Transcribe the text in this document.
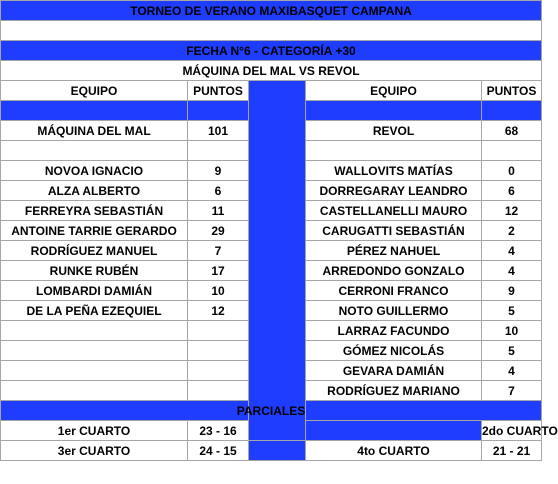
TORNEO DE VERANO MAXIBASQUET CAMPANA					

FECHA N°6 - CATEGORÍA +30					
MÁQUINA DEL MAL VS REVOL					
EQUIPO	PUNTOS		EQUIPO	PUNTOS	

MÁQUINA DEL MAL	101		REVOL	68	

NOVOA IGNACIO	9		WALLOVITS MATÍAS	0	
ALZA ALBERTO	6		DORREGARAY LEANDRO	6	
FERREYRA SEBASTIÁN	11		CASTELLANELLI MAURO	12	
ANTOINE TARRIE GERARDO	29		CARUGATTI SEBASTIÁN	2	
RODRÍGUEZ MANUEL	7		PÉREZ NAHUEL	4	
RUNKE RUBÉN	17		ARREDONDO GONZALO	4	
LOMBARDI DAMIÁN	10		CERRONI FRANCO	9	
DE LA PEÑA EZEQUIEL	12		NOTO GUILLERMO	5	
			LARRAZ FACUNDO	10	
			GÓMEZ NICOLÁS	5	
			GEVARA DAMIÁN	4	
			RODRÍGUEZ MARIANO	7	
PARCIALES					
1er CUARTO	23 - 16			2do CUARTO	
3er CUARTO	24 - 15		4to CUARTO	21 - 21	
